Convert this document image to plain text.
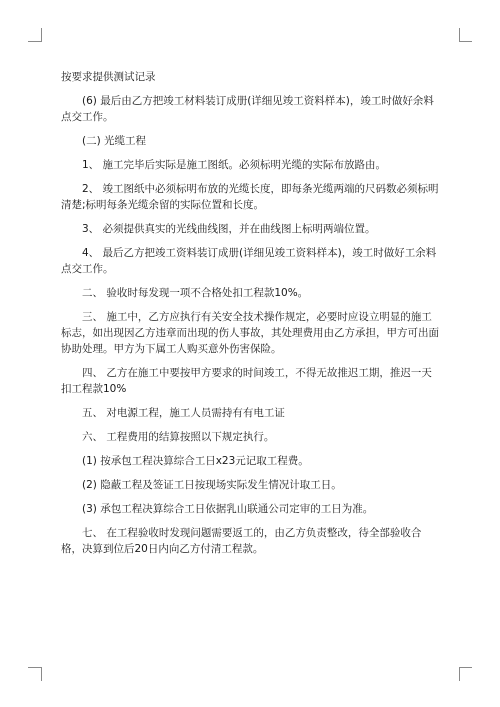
按要求提供测试记录

(6) 最后由乙方把竣工材料装订成册(详细见竣工资料样本)，竣工时做好余料点交工作。

(二) 光缆工程

1、 施工完毕后实际是施工图纸。必须标明光缆的实际布放路由。

2、 竣工图纸中必须标明布放的光缆长度，即每条光缆两端的尺码数必须标明清楚;标明每条光缆余留的实际位置和长度。

3、 必须提供真实的光线曲线图，并在曲线图上标明两端位置。

4、 最后乙方把竣工资料装订成册(详细见竣工资料样本)，竣工时做好工余料点交工作。

二、 验收时每发现一项不合格处扣工程款10%。

三、 施工中，乙方应执行有关安全技术操作规定，必要时应设立明显的施工标志，如出现因乙方违章而出现的伤人事故，其处理费用由乙方承担，甲方可出面协助处理。甲方为下属工人购买意外伤害保险。

四、 乙方在施工中要按甲方要求的时间竣工，不得无故推迟工期，推迟一天扣工程款10%

五、 对电源工程，施工人员需持有有电工证

六、 工程费用的结算按照以下规定执行。

(1) 按承包工程决算综合工日x23元记取工程费。

(2) 隐蔽工程及签证工日按现场实际发生情况计取工日。

(3) 承包工程决算综合工日依据乳山联通公司定审的工日为准。

七、 在工程验收时发现问题需要返工的，由乙方负责整改，待全部验收合格，决算到位后20日内向乙方付清工程款。
